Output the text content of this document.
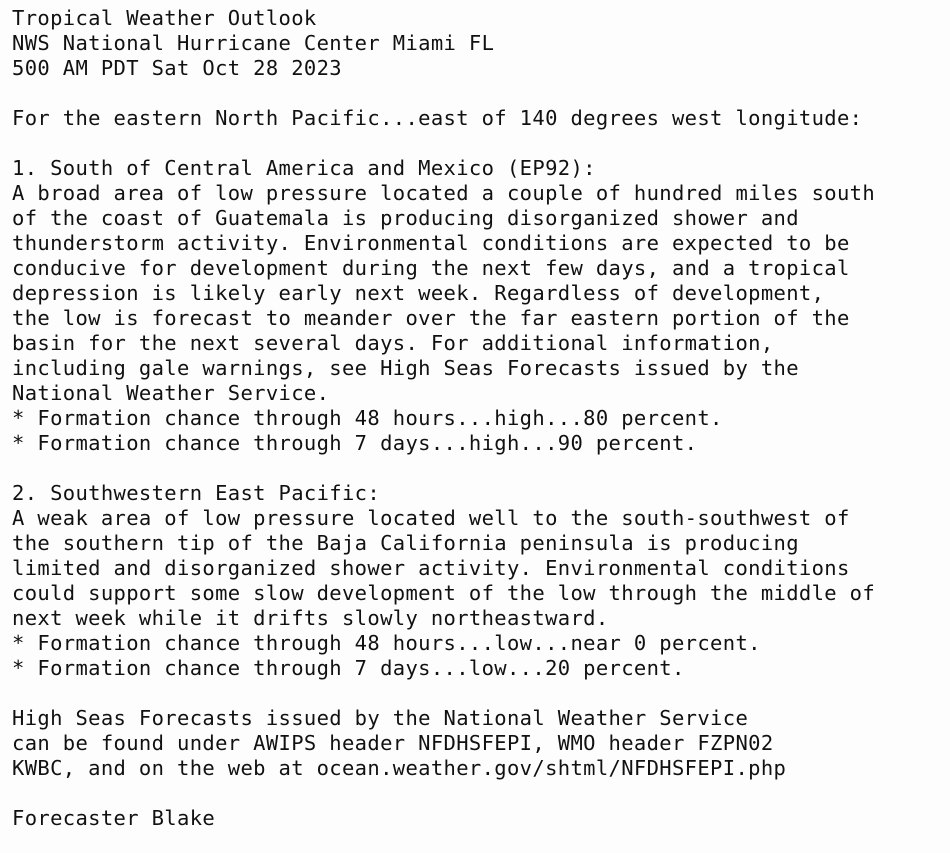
Tropical Weather Outlook
NWS National Hurricane Center Miami FL
500 AM PDT Sat Oct 28 2023
For the eastern North Pacific...east of 140 degrees west longitude:
1. South of Central America and Mexico (EP92):
A broad area of low pressure located a couple of hundred miles south
of the coast of Guatemala is producing disorganized shower and
thunderstorm activity. Environmental conditions are expected to be
conducive for development during the next few days, and a tropical
depression is likely early next week. Regardless of development,
the low is forecast to meander over the far eastern portion of the
basin for the next several days. For additional information,
including gale warnings, see High Seas Forecasts issued by the
National Weather Service.
* Formation chance through 48 hours...high...80 percent.
* Formation chance through 7 days...high...90 percent.
2. Southwestern East Pacific:
A weak area of low pressure located well to the south-southwest of
the southern tip of the Baja California peninsula is producing
limited and disorganized shower activity. Environmental conditions
could support some slow development of the low through the middle of
next week while it drifts slowly northeastward.
* Formation chance through 48 hours...low...near 0 percent.
* Formation chance through 7 days...low...20 percent.
High Seas Forecasts issued by the National Weather Service
can be found under AWIPS header NFDHSFEPI, WMO header FZPN02
KWBC, and on the web at ocean.weather.gov/shtml/NFDHSFEPI.php
Forecaster Blake
